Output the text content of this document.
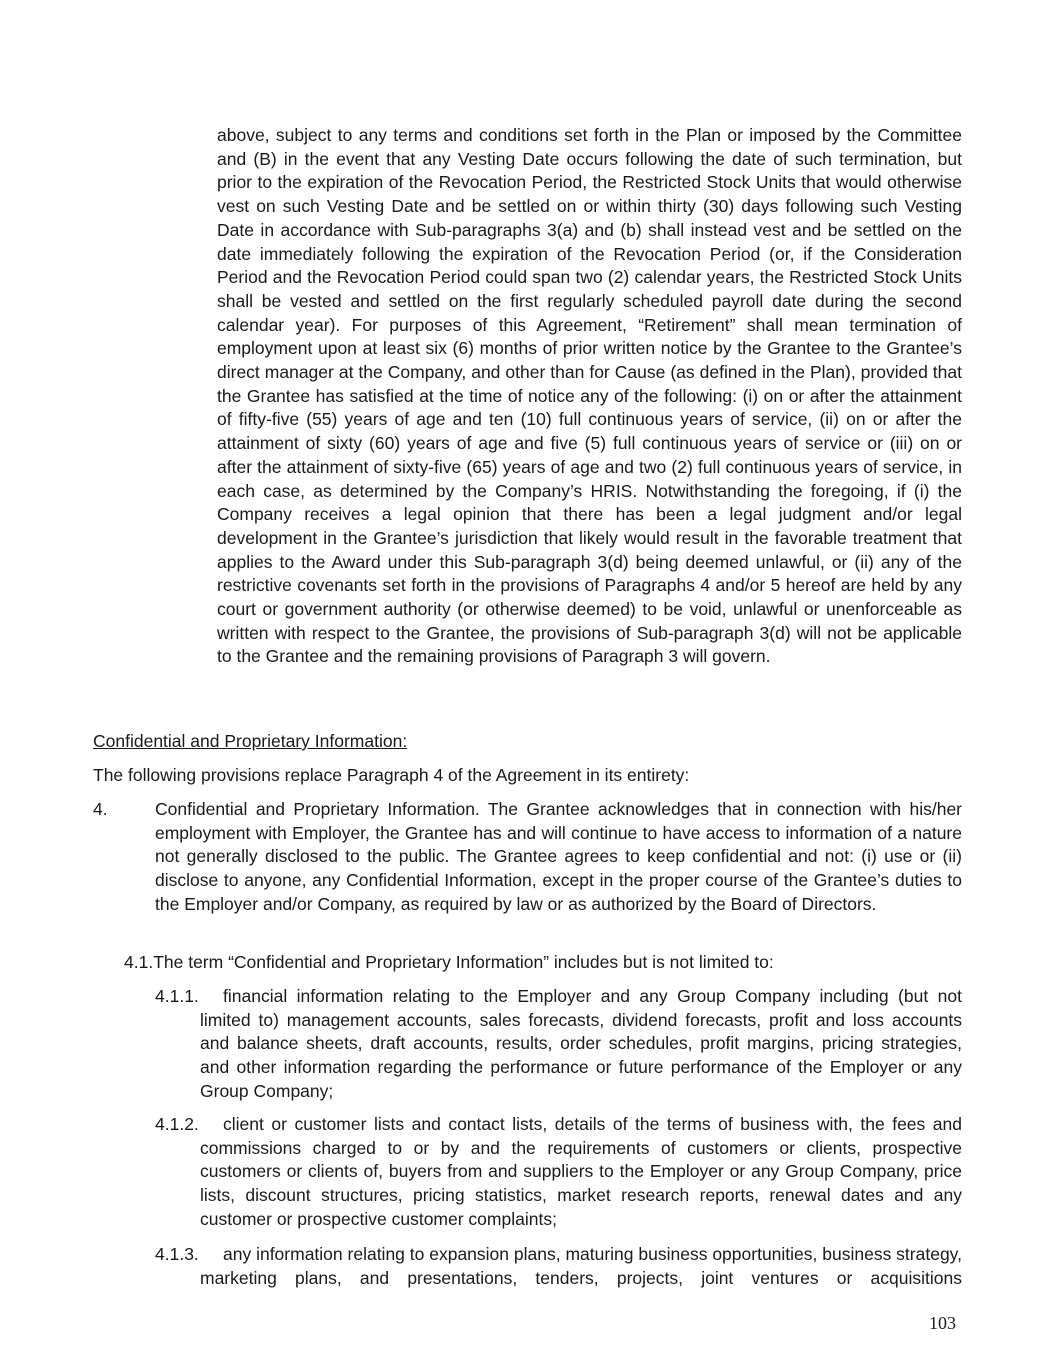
above, subject to any terms and conditions set forth in the Plan or imposed by the Committee and (B) in the event that any Vesting Date occurs following the date of such termination, but prior to the expiration of the Revocation Period, the Restricted Stock Units that would otherwise vest on such Vesting Date and be settled on or within thirty (30) days following such Vesting Date in accordance with Sub-paragraphs 3(a) and (b) shall instead vest and be settled on the date immediately following the expiration of the Revocation Period (or, if the Consideration Period and the Revocation Period could span two (2) calendar years, the Restricted Stock Units shall be vested and settled on the first regularly scheduled payroll date during the second calendar year). For purposes of this Agreement, “Retirement” shall mean termination of employment upon at least six (6) months of prior written notice by the Grantee to the Grantee’s direct manager at the Company, and other than for Cause (as defined in the Plan), provided that the Grantee has satisfied at the time of notice any of the following: (i) on or after the attainment of fifty-five (55) years of age and ten (10) full continuous years of service, (ii) on or after the attainment of sixty (60) years of age and five (5) full continuous years of service or (iii) on or after the attainment of sixty-five (65) years of age and two (2) full continuous years of service, in each case, as determined by the Company’s HRIS. Notwithstanding the foregoing, if (i) the Company receives a legal opinion that there has been a legal judgment and/or legal development in the Grantee’s jurisdiction that likely would result in the favorable treatment that applies to the Award under this Sub-paragraph 3(d) being deemed unlawful, or (ii) any of the restrictive covenants set forth in the provisions of Paragraphs 4 and/or 5 hereof are held by any court or government authority (or otherwise deemed) to be void, unlawful or unenforceable as written with respect to the Grantee, the provisions of Sub-paragraph 3(d) will not be applicable to the Grantee and the remaining provisions of Paragraph 3 will govern.

Confidential and Proprietary Information:

The following provisions replace Paragraph 4 of the Agreement in its entirety:

4.	Confidential and Proprietary Information. The Grantee acknowledges that in connection with his/her employment with Employer, the Grantee has and will continue to have access to information of a nature not generally disclosed to the public. The Grantee agrees to keep confidential and not: (i) use or (ii) disclose to anyone, any Confidential Information, except in the proper course of the Grantee’s duties to the Employer and/or Company, as required by law or as authorized by the Board of Directors.

4.1.The term “Confidential and Proprietary Information” includes but is not limited to:

4.1.1.	financial information relating to the Employer and any Group Company including (but not limited to) management accounts, sales forecasts, dividend forecasts, profit and loss accounts and balance sheets, draft accounts, results, order schedules, profit margins, pricing strategies, and other information regarding the performance or future performance of the Employer or any Group Company;

4.1.2.	client or customer lists and contact lists, details of the terms of business with, the fees and commissions charged to or by and the requirements of customers or clients, prospective customers or clients of, buyers from and suppliers to the Employer or any Group Company, price lists, discount structures, pricing statistics, market research reports, renewal dates and any customer or prospective customer complaints;

4.1.3.	any information relating to expansion plans, maturing business opportunities, business strategy, marketing plans, and presentations, tenders, projects, joint ventures or acquisitions

103
